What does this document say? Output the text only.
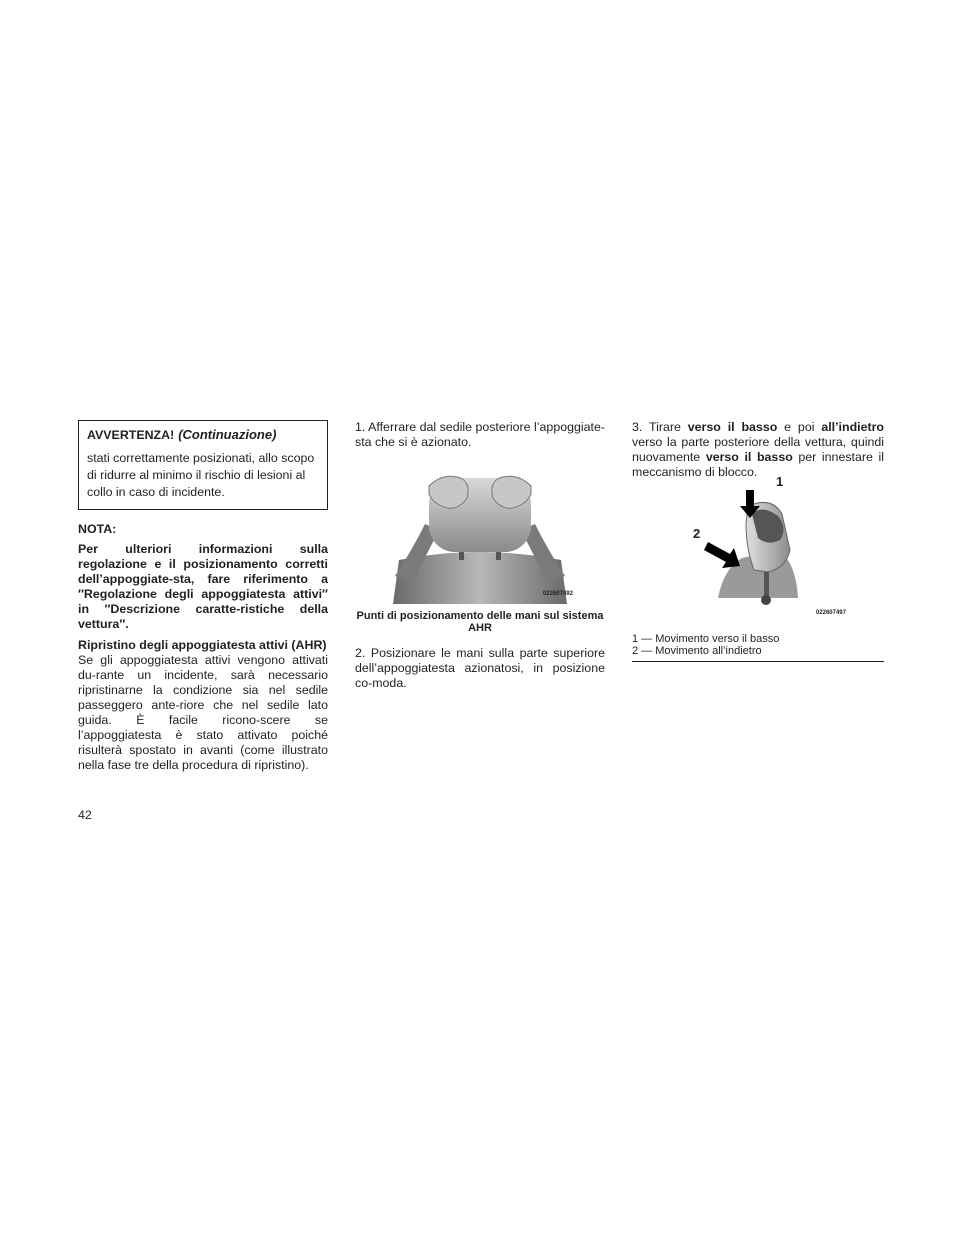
AVVERTENZA! (Continuazione)
stati correttamente posizionati, allo scopo di ridurre al minimo il rischio di lesioni al collo in caso di incidente.
NOTA:
Per ulteriori informazioni sulla regolazione e il posizionamento corretti dell’appoggiate-sta, fare riferimento a ″Regolazione degli appoggiatesta attivi″ in ″Descrizione caratte-ristiche della vettura″.
Ripristino degli appoggiatesta attivi (AHR)
Se gli appoggiatesta attivi vengono attivati du-rante un incidente, sarà necessario ripristinarne la condizione sia nel sedile passeggero ante-riore che nel sedile lato guida. È facile ricono-scere se l’appoggiatesta è stato attivato poiché risulterà spostato in avanti (come illustrato nella fase tre della procedura di ripristino).

1. Afferrare dal sedile posteriore l’appoggiate-sta che si è azionato.

022607492
Punti di posizionamento delle mani sul sistema AHR

2. Posizionare le mani sulla parte superiore dell’appoggiatesta azionatosi, in posizione co-moda.

3. Tirare verso il basso e poi all’indietro verso la parte posteriore della vettura, quindi nuovamente verso il basso per innestare il meccanismo di blocco.

022607497
1
2
1 — Movimento verso il basso
2 — Movimento all’indietro
42
